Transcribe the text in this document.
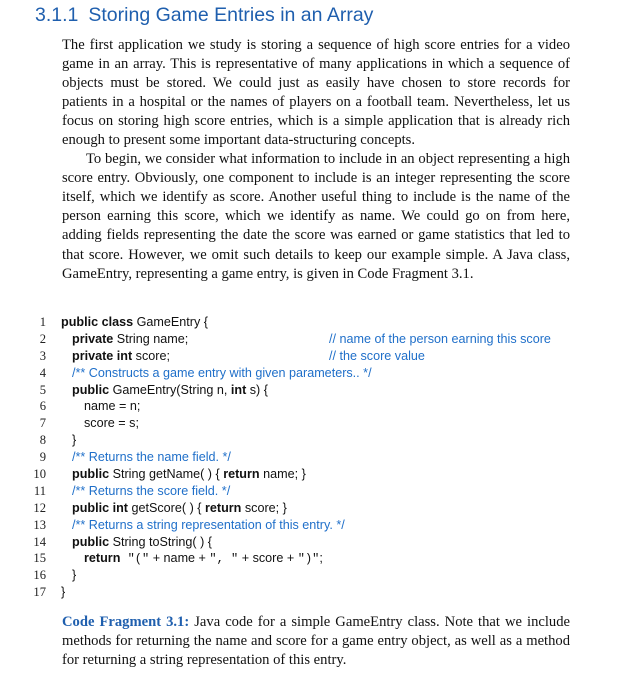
3.1.1 Storing Game Entries in an Array

The first application we study is storing a sequence of high score entries for a video game in an array. This is representative of many applications in which a sequence of objects must be stored. We could just as easily have chosen to store records for patients in a hospital or the names of players on a football team. Nevertheless, let us focus on storing high score entries, which is a simple application that is already rich enough to present some important data-structuring concepts.

To begin, we consider what information to include in an object representing a high score entry. Obviously, one component to include is an integer representing the score itself, which we identify as score. Another useful thing to include is the name of the person earning this score, which we identify as name. We could go on from here, adding fields representing the date the score was earned or game statistics that led to that score. However, we omit such details to keep our example simple. A Java class, GameEntry, representing a game entry, is given in Code Fragment 3.1.

1 public class GameEntry {
2	private String name;	// name of the person earning this score
3	private int score;	// the score value
4	/** Constructs a game entry with given parameters.. */
5	public GameEntry(String n, int s) {
6	name = n;
7	score = s;
8	}
9	/** Returns the name field. */
10	public String getName( ) { return name; }
11	/** Returns the score field. */
12	public int getScore( ) { return score; }
13	/** Returns a string representation of this entry. */
14	public String toString( ) {
15	return "(" + name + ", " + score + ")";
16	}
17 }
Code Fragment 3.1: Java code for a simple GameEntry class. Note that we include methods for returning the name and score for a game entry object, as well as a method for returning a string representation of this entry.
